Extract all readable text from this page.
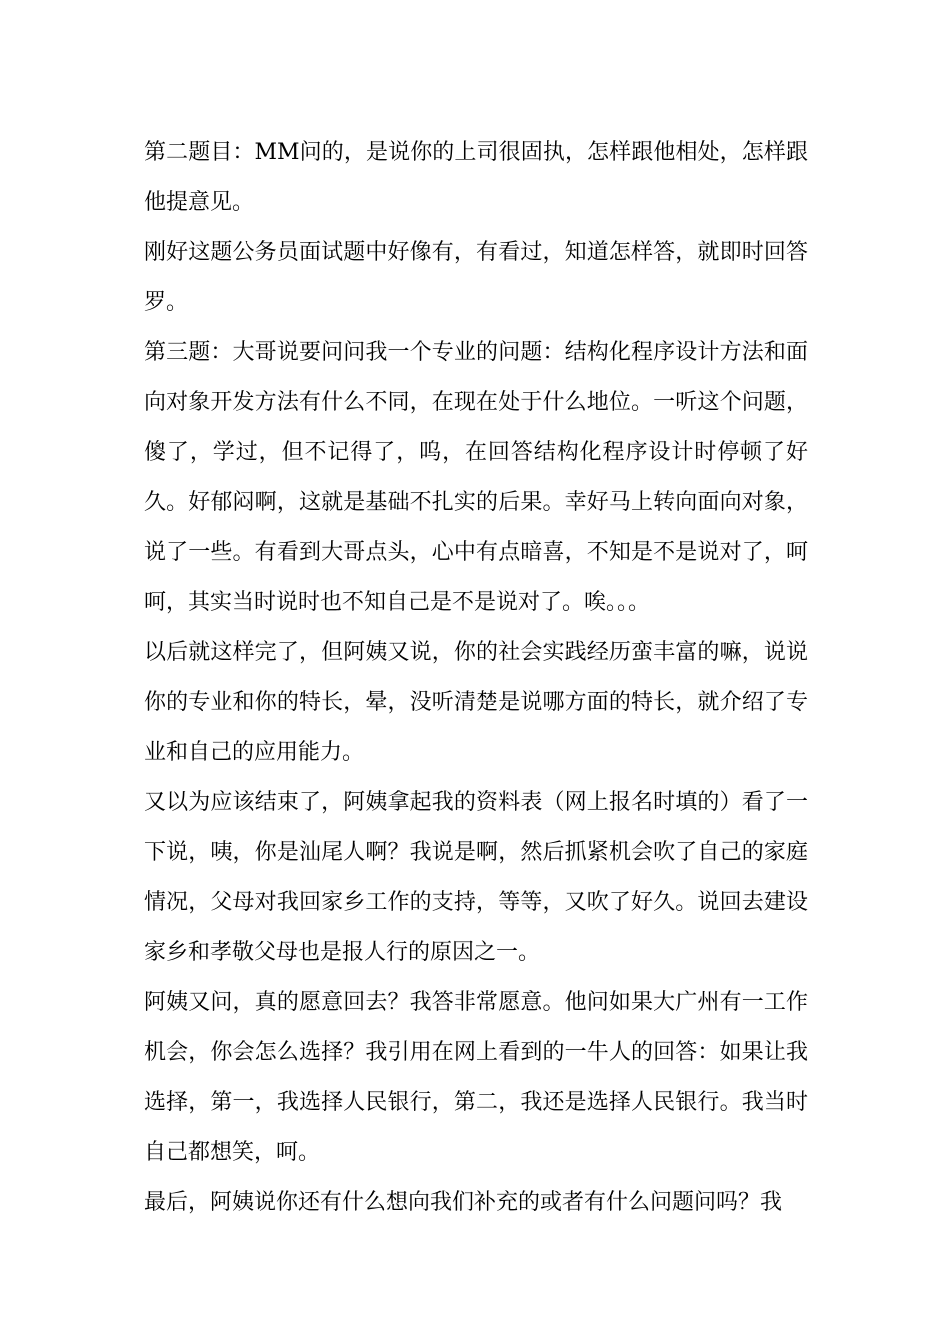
第二题目：MM问的，是说你的上司很固执，怎样跟他相处，怎样跟他提意见。

刚好这题公务员面试题中好像有，有看过，知道怎样答，就即时回答罗。

第三题：大哥说要问问我一个专业的问题：结构化程序设计方法和面向对象开发方法有什么不同，在现在处于什么地位。一听这个问题，傻了，学过，但不记得了，呜，在回答结构化程序设计时停顿了好久。好郁闷啊，这就是基础不扎实的后果。幸好马上转向面向对象，说了一些。有看到大哥点头，心中有点暗喜，不知是不是说对了，呵呵，其实当时说时也不知自己是不是说对了。唉。。。

以后就这样完了，但阿姨又说，你的社会实践经历蛮丰富的嘛，说说你的专业和你的特长，晕，没听清楚是说哪方面的特长，就介绍了专业和自己的应用能力。

又以为应该结束了，阿姨拿起我的资料表（网上报名时填的）看了一下说，咦，你是汕尾人啊？我说是啊，然后抓紧机会吹了自己的家庭情况，父母对我回家乡工作的支持，等等，又吹了好久。说回去建设家乡和孝敬父母也是报人行的原因之一。

阿姨又问，真的愿意回去？我答非常愿意。他问如果大广州有一工作机会，你会怎么选择？我引用在网上看到的一牛人的回答：如果让我选择，第一，我选择人民银行，第二，我还是选择人民银行。我当时自己都想笑，呵。

最后，阿姨说你还有什么想向我们补充的或者有什么问题问吗？我
